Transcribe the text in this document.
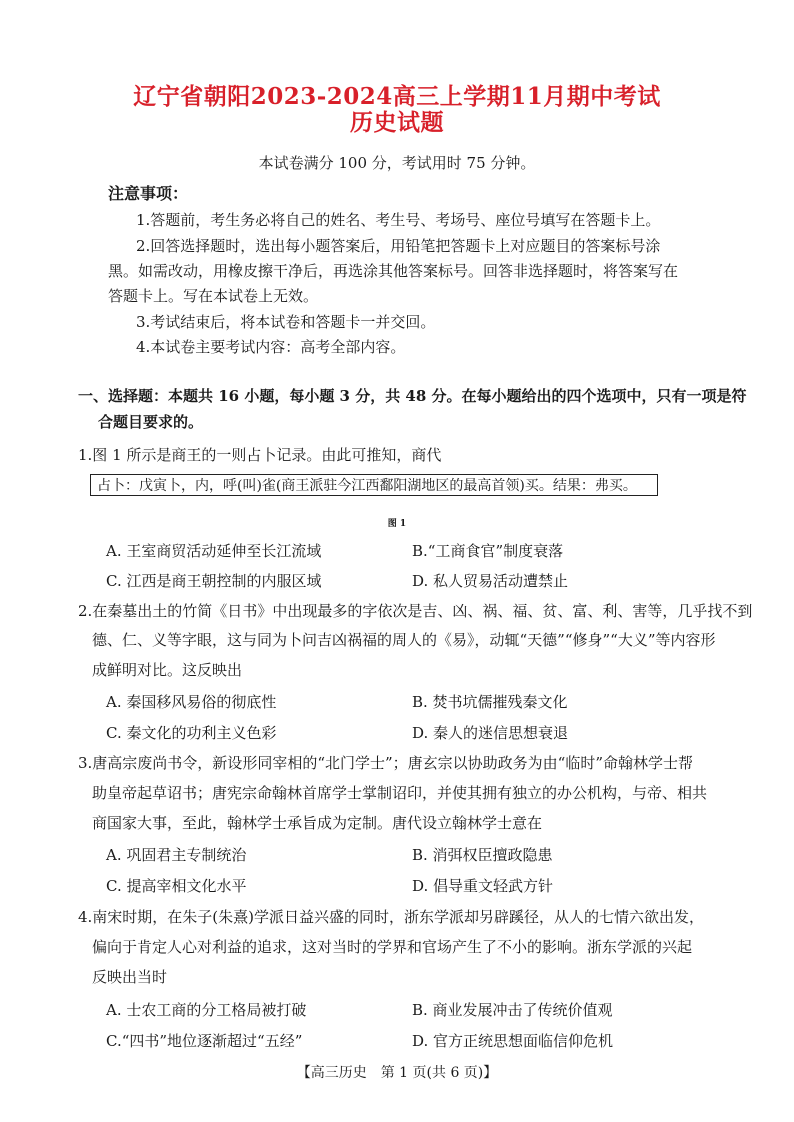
辽宁省朝阳2023-2024高三上学期11月期中考试
历史试题
本试卷满分 100 分，考试用时 75 分钟。
注意事项：
1.答题前，考生务必将自己的姓名、考生号、考场号、座位号填写在答题卡上。
2.回答选择题时，选出每小题答案后，用铅笔把答题卡上对应题目的答案标号涂
黑。如需改动，用橡皮擦干净后，再选涂其他答案标号。回答非选择题时，将答案写在
答题卡上。写在本试卷上无效。
3.考试结束后，将本试卷和答题卡一并交回。
4.本试卷主要考试内容：高考全部内容。
一、选择题：本题共 16 小题，每小题 3 分，共 48 分。在每小题给出的四个选项中，只有一项是符
合题目要求的。
1.图 1 所示是商王的一则占卜记录。由此可推知，商代
占卜：戊寅卜，内，呼(叫)雀(商王派驻今江西鄱阳湖地区的最高首领)买。结果：弗买。
图 1
A. 王室商贸活动延伸至长江流域	B.“工商食官”制度衰落
C. 江西是商王朝控制的内服区域	D. 私人贸易活动遭禁止
2.在秦墓出土的竹简《日书》中出现最多的字依次是吉、凶、祸、福、贫、富、利、害等，几乎找不到
德、仁、义等字眼，这与同为卜问吉凶祸福的周人的《易》，动辄“天德”“修身”“大义”等内容形
成鲜明对比。这反映出
A. 秦国移风易俗的彻底性	B. 焚书坑儒摧残秦文化
C. 秦文化的功利主义色彩	D. 秦人的迷信思想衰退
3.唐高宗废尚书令，新设形同宰相的“北门学士”；唐玄宗以协助政务为由“临时”命翰林学士帮
助皇帝起草诏书；唐宪宗命翰林首席学士掌制诏印，并使其拥有独立的办公机构，与帝、相共
商国家大事，至此，翰林学士承旨成为定制。唐代设立翰林学士意在
A. 巩固君主专制统治	B. 消弭权臣擅政隐患
C. 提高宰相文化水平	D. 倡导重文轻武方针
4.南宋时期，在朱子(朱熹)学派日益兴盛的同时，浙东学派却另辟蹊径，从人的七情六欲出发，
偏向于肯定人心对利益的追求，这对当时的学界和官场产生了不小的影响。浙东学派的兴起
反映出当时
A. 士农工商的分工格局被打破	B. 商业发展冲击了传统价值观
C.“四书”地位逐渐超过“五经”	D. 官方正统思想面临信仰危机
【高三历史　第 1 页(共 6 页)】
